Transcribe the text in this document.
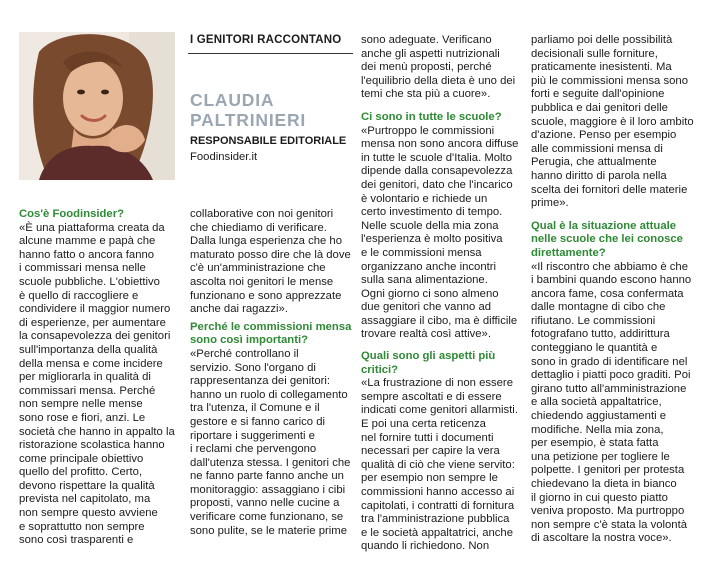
I GENITORI RACCONTANO
CLAUDIA
PALTRINIERI
RESPONSABILE EDITORIALE
Foodinsider.it

Cos'è Foodinsider?

«È una piattaforma creata da
alcune mamme e papà che
hanno fatto o ancora fanno
i commissari mensa nelle
scuole pubbliche. L'obiettivo
è quello di raccogliere e
condividere il maggior numero
di esperienze, per aumentare
la consapevolezza dei genitori
sull'importanza della qualità
della mensa e come incidere
per migliorarla in qualità di
commissari mensa. Perché
non sempre nelle mense
sono rose e fiori, anzi. Le
società che hanno in appalto la
ristorazione scolastica hanno
come principale obiettivo
quello del profitto. Certo,
devono rispettare la qualità
prevista nel capitolato, ma
non sempre questo avviene
e soprattutto non sempre
sono così trasparenti e
collaborative con noi genitori
che chiediamo di verificare.
Dalla lunga esperienza che ho
maturato posso dire che là dove
c'è un'amministrazione che
ascolta noi genitori le mense
funzionano e sono apprezzate
anche dai ragazzi».

Perché le commissioni mensa
sono così importanti?

«Perché controllano il
servizio. Sono l'organo di
rappresentanza dei genitori:
hanno un ruolo di collegamento
tra l'utenza, il Comune e il
gestore e si fanno carico di
riportare i suggerimenti e
i reclami che pervengono
dall'utenza stessa. I genitori che
ne fanno parte fanno anche un
monitoraggio: assaggiano i cibi
proposti, vanno nelle cucine a
verificare come funzionano, se
sono pulite, se le materie prime
sono adeguate. Verificano
anche gli aspetti nutrizionali
dei menù proposti, perché
l'equilibrio della dieta è uno dei
temi che sta più a cuore».

Ci sono in tutte le scuole?

«Purtroppo le commissioni
mensa non sono ancora diffuse
in tutte le scuole d'Italia. Molto
dipende dalla consapevolezza
dei genitori, dato che l'incarico
è volontario e richiede un
certo investimento di tempo.
Nelle scuole della mia zona
l'esperienza è molto positiva
e le commissioni mensa
organizzano anche incontri
sulla sana alimentazione.
Ogni giorno ci sono almeno
due genitori che vanno ad
assaggiare il cibo, ma è difficile
trovare realtà così attive».

Quali sono gli aspetti più critici?

«La frustrazione di non essere
sempre ascoltati e di essere
indicati come genitori allarmisti.
E poi una certa reticenza
nel fornire tutti i documenti
necessari per capire la vera
qualità di ciò che viene servito:
per esempio non sempre le
commissioni hanno accesso ai
capitolati, i contratti di fornitura
tra l'amministrazione pubblica
e le società appaltatrici, anche
quando li richiedono. Non
parliamo poi delle possibilità
decisionali sulle forniture,
praticamente inesistenti. Ma
più le commissioni mensa sono
forti e seguite dall'opinione
pubblica e dai genitori delle
scuole, maggiore è il loro ambito
d'azione. Penso per esempio
alle commissioni mensa di
Perugia, che attualmente
hanno diritto di parola nella
scelta dei fornitori delle materie
prime».

Qual è la situazione attuale
nelle scuole che lei conosce
direttamente?

«Il riscontro che abbiamo è che
i bambini quando escono hanno
ancora fame, cosa confermata
dalle montagne di cibo che
rifiutano. Le commissioni
fotografano tutto, addirittura
conteggiano le quantità e
sono in grado di identificare nel
dettaglio i piatti poco graditi. Poi
girano tutto all'amministrazione
e alla società appaltatrice,
chiedendo aggiustamenti e
modifiche. Nella mia zona,
per esempio, è stata fatta
una petizione per togliere le
polpette. I genitori per protesta
chiedevano la dieta in bianco
il giorno in cui questo piatto
veniva proposto. Ma purtroppo
non sempre c'è stata la volontà
di ascoltare la nostra voce».
